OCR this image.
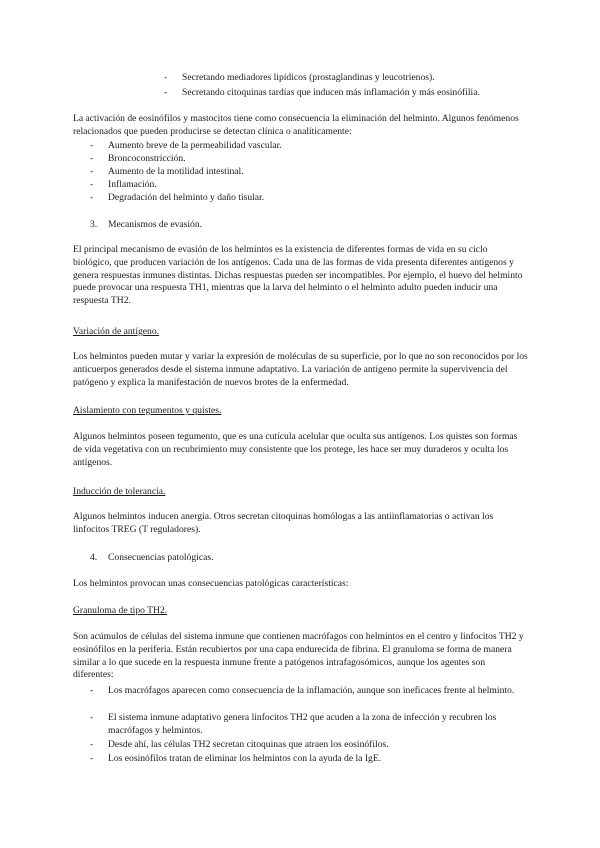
- Secretando mediadores lipídicos (prostaglandinas y leucotrienos).

- Secretando citoquinas tardías que inducen más inflamación y más eosinófilia.

La activación de eosinófilos y mastocitos tiene como consecuencia la eliminación del helminto. Algunos fenómenos relacionados que pueden producirse se detectan clínica o analíticamente:

- Aumento breve de la permeabilidad vascular.

- Broncoconstricción.

- Aumento de la motilidad intestinal.

- Inflamación.

- Degradación del helminto y daño tisular.

3. Mecanismos de evasión.

El principal mecanismo de evasión de los helmintos es la existencia de diferentes formas de vida en su ciclo biológico, que producen variación de los antígenos. Cada una de las formas de vida presenta diferentes antígenos y genera respuestas inmunes distintas. Dichas respuestas pueden ser incompatibles. Por ejemplo, el huevo del helminto puede provocar una respuesta TH1, mientras que la larva del helminto o el helminto adulto pueden inducir una respuesta TH2.

Variación de antígeno.

Los helmintos pueden mutar y variar la expresión de moléculas de su superficie, por lo que no son reconocidos por los anticuerpos generados desde el sistema inmune adaptativo. La variación de antígeno permite la supervivencia del patógeno y explica la manifestación de nuevos brotes de la enfermedad.

Aislamiento con tegumentos y quistes.

Algunos helmintos poseen tegumento, que es una cutícula acelular que oculta sus antígenos. Los quistes son formas de vida vegetativa con un recubrimiento muy consistente que los protege, les hace ser muy duraderos y oculta los antígenos.

Inducción de tolerancia.

Algunos helmintos inducen anergia. Otros secretan citoquinas homólogas a las antiinflamatorias o activan los linfocitos TREG (T reguladores).

4. Consecuencias patológicas.

Los helmintos provocan unas consecuencias patológicas características:

Granuloma de tipo TH2.

Son acúmulos de células del sistema inmune que contienen macrófagos con helmintos en el centro y linfocitos TH2 y eosinófilos en la periferia. Están recubiertos por una capa endurecida de fibrina. El granuloma se forma de manera similar a lo que sucede en la respuesta inmune frente a patógenos intrafagosómicos, aunque los agentes son diferentes:

- Los macrófagos aparecen como consecuencia de la inflamación, aunque son ineficaces frente al helminto.

- El sistema inmune adaptativo genera linfocitos TH2 que acuden a la zona de infección y recubren los macrófagos y helmintos.

- Desde ahí, las células TH2 secretan citoquinas que atraen los eosinófilos.

- Los eosinófilos tratan de eliminar los helmintos con la ayuda de la IgE.
